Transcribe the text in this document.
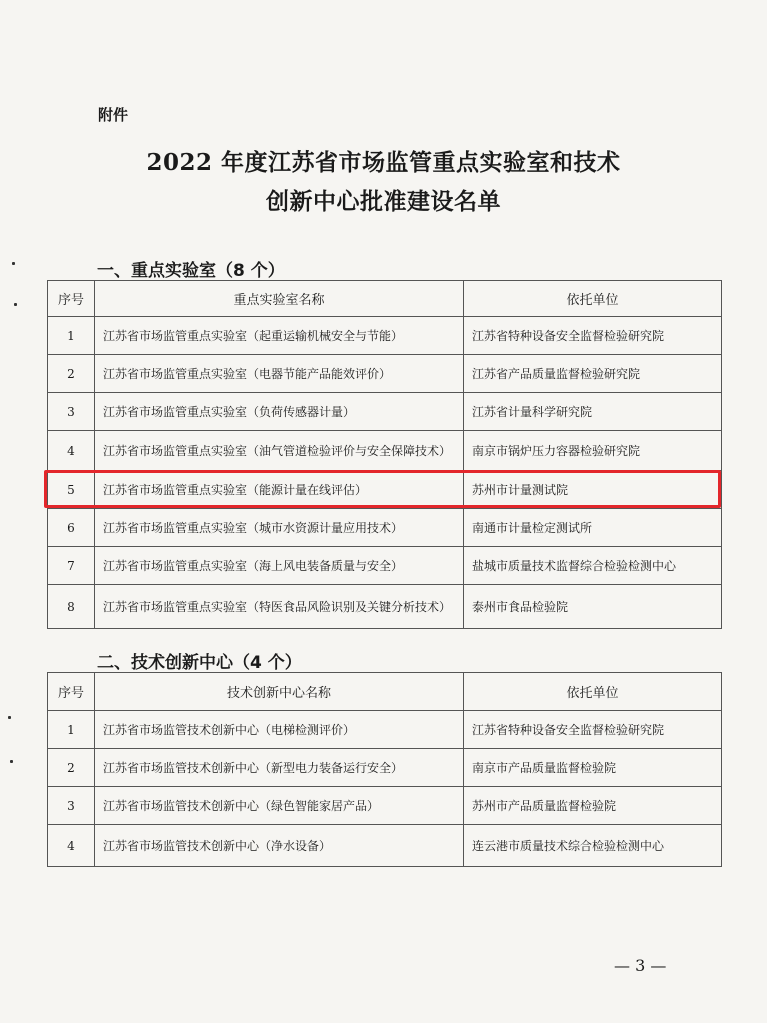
附件
2022 年度江苏省市场监管重点实验室和技术
创新中心批准建设名单
一、重点实验室（8 个）
序号	重点实验室名称	依托单位
1	江苏省市场监管重点实验室（起重运输机械安全与节能）	江苏省特种设备安全监督检验研究院
2	江苏省市场监管重点实验室（电器节能产品能效评价）	江苏省产品质量监督检验研究院
3	江苏省市场监管重点实验室（负荷传感器计量）	江苏省计量科学研究院
4	江苏省市场监管重点实验室（油气管道检验评价与安全保障技术）	南京市锅炉压力容器检验研究院
5	江苏省市场监管重点实验室（能源计量在线评估）	苏州市计量测试院
6	江苏省市场监管重点实验室（城市水资源计量应用技术）	南通市计量检定测试所
7	江苏省市场监管重点实验室（海上风电装备质量与安全）	盐城市质量技术监督综合检验检测中心
8	江苏省市场监管重点实验室（特医食品风险识别及关键分析技术）	泰州市食品检验院
二、技术创新中心（4 个）
序号	技术创新中心名称	依托单位
1	江苏省市场监管技术创新中心（电梯检测评价）	江苏省特种设备安全监督检验研究院
2	江苏省市场监管技术创新中心（新型电力装备运行安全）	南京市产品质量监督检验院
3	江苏省市场监管技术创新中心（绿色智能家居产品）	苏州市产品质量监督检验院
4	江苏省市场监管技术创新中心（净水设备）	连云港市质量技术综合检验检测中心
— 3 —
